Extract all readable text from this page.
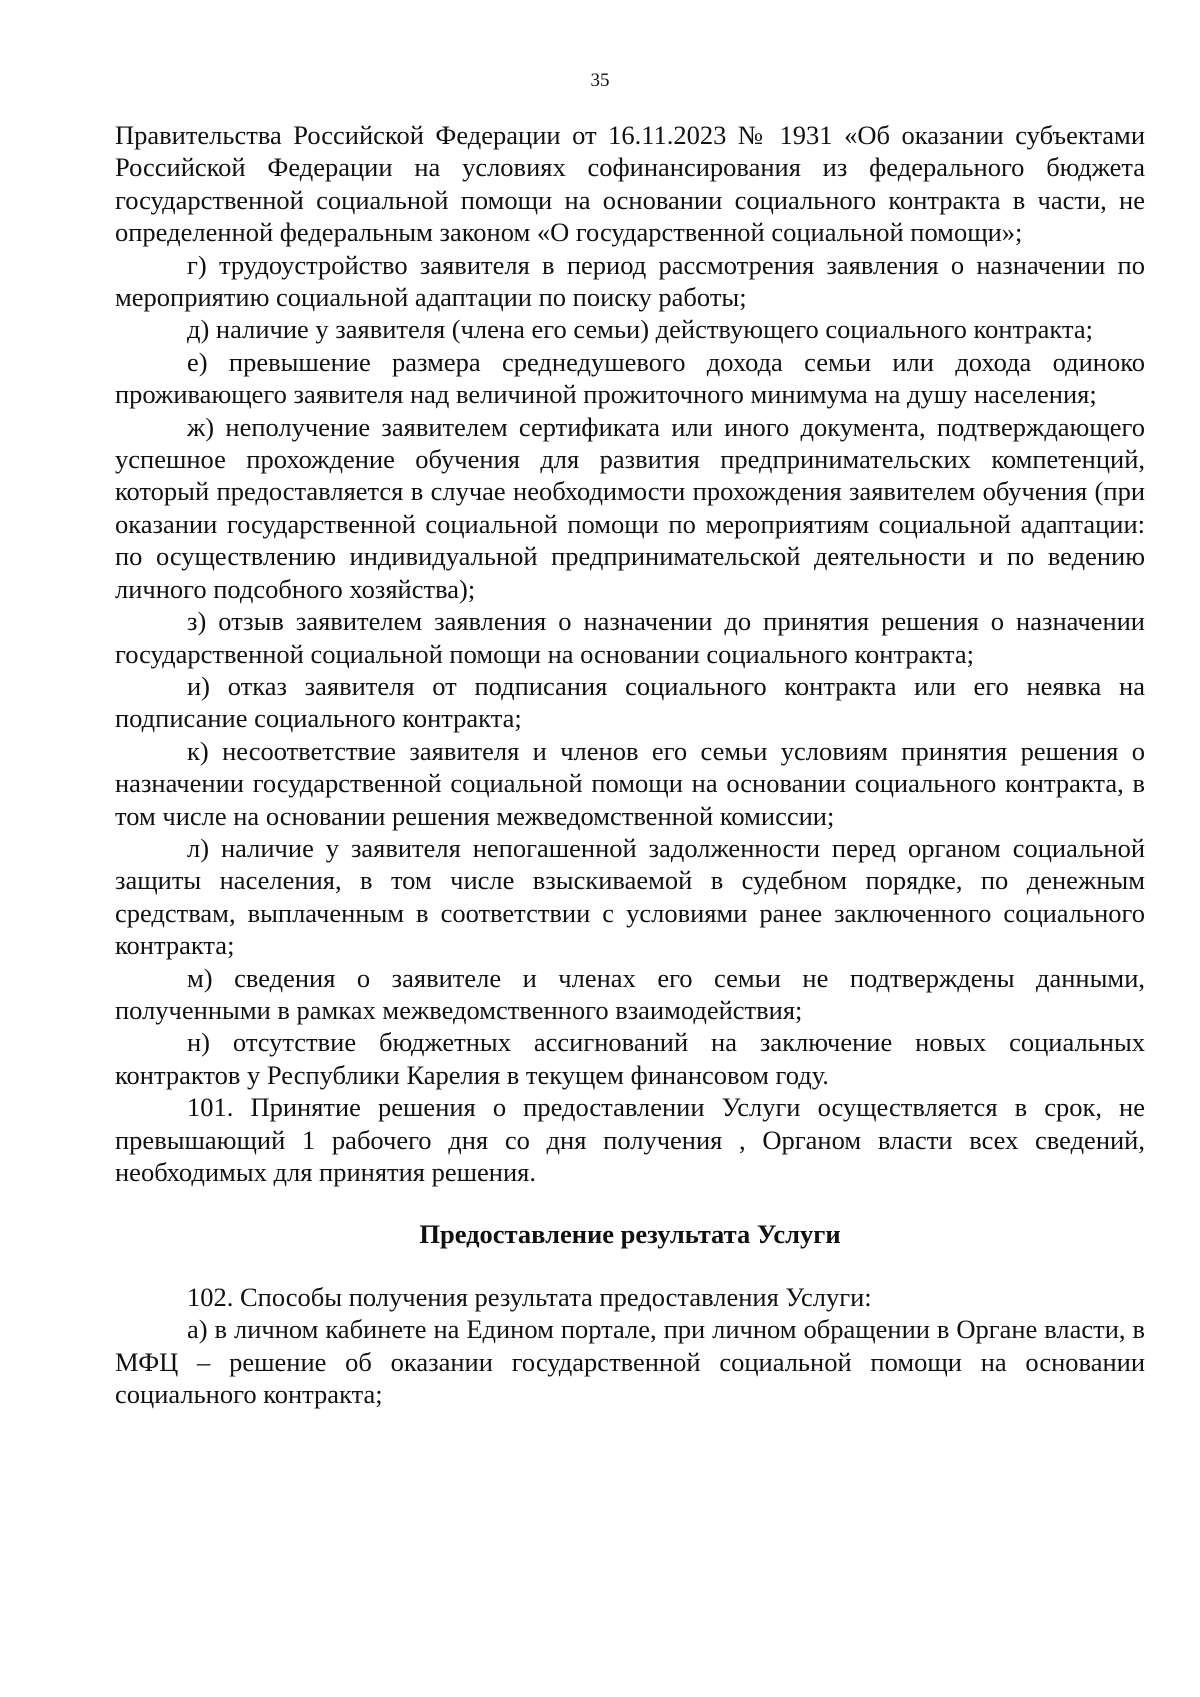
35

Правительства Российской Федерации от 16.11.2023 № 1931 «Об оказании субъектами Российской Федерации на условиях софинансирования из федерального бюджета государственной социальной помощи на основании социального контракта в части, не определенной федеральным законом «О государственной социальной помощи»;

г) трудоустройство заявителя в период рассмотрения заявления о назначении по мероприятию социальной адаптации по поиску работы;

д) наличие у заявителя (члена его семьи) действующего социального контракта;

е) превышение размера среднедушевого дохода семьи или дохода одиноко проживающего заявителя над величиной прожиточного минимума на душу населения;

ж) неполучение заявителем сертификата или иного документа, подтверждающего успешное прохождение обучения для развития предпринимательских компетенций, который предоставляется в случае необходимости прохождения заявителем обучения (при оказании государственной социальной помощи по мероприятиям социальной адаптации: по осуществлению индивидуальной предпринимательской деятельности и по ведению личного подсобного хозяйства);

з) отзыв заявителем заявления о назначении до принятия решения о назначении государственной социальной помощи на основании социального контракта;

и) отказ заявителя от подписания социального контракта или его неявка на подписание социального контракта;

к) несоответствие заявителя и членов его семьи условиям принятия решения о назначении государственной социальной помощи на основании социального контракта, в том числе на основании решения межведомственной комиссии;

л) наличие у заявителя непогашенной задолженности перед органом социальной защиты населения, в том числе взыскиваемой в судебном порядке, по денежным средствам, выплаченным в соответствии с условиями ранее заключенного социального контракта;

м) сведения о заявителе и членах его семьи не подтверждены данными, полученными в рамках межведомственного взаимодействия;

н) отсутствие бюджетных ассигнований на заключение новых социальных контрактов у Республики Карелия в текущем финансовом году.

101. Принятие решения о предоставлении Услуги осуществляется в срок, не превышающий 1 рабочего дня со дня получения , Органом власти всех сведений, необходимых для принятия решения.

Предоставление результата Услуги

102. Способы получения результата предоставления Услуги:

а) в личном кабинете на Едином портале, при личном обращении в Органе власти, в МФЦ – решение об оказании государственной социальной помощи на основании социального контракта;
